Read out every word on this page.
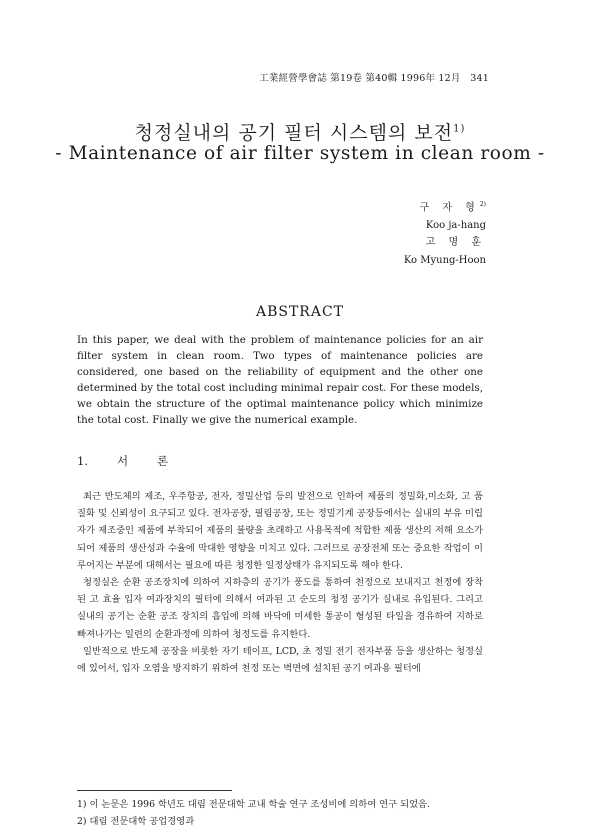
工業經營學會誌 第19卷 第40輯 1996年 12月 341
청정실내의 공기 필터 시스템의 보전$^{1)}$
- Maintenance of air filter system in clean room -
구 자 형$^{2)}$
Koo ja-hang
고 명 훈
Ko Myung-Hoon
ABSTRACT
In this paper, we deal with the problem of maintenance policies for an air filter system in clean room. Two types of maintenance policies are considered, one based on the reliability of equipment and the other one determined by the total cost including minimal repair cost. For these models, we obtain the structure of the optimal maintenance policy which minimize the total cost. Finally we give the numerical example.
1.	서	론

최근 반도체의 제조, 우주항공, 전자, 정밀산업 등의 발전으로 인하여 제품의 정밀화,미소화, 고 품질화 및 신뢰성이 요구되고 있다. 전자공장, 필림공장, 또는 정밀기계 공장등에서는 실내의 부유 미립자가 제조중인 제품에 부착되어 제품의 불량을 초래하고 사용목적에 적합한 제품 생산의 저해 요소가 되어 제품의 생산성과 수율에 막대한 영향을 미치고 있다. 그러므로 공장전체 또는 중요한 작업이 이루어지는 부분에 대해서는 필요에 따른 청정한 일정상태가 유지되도록 해야 한다.

청정실은 순환 공조장치에 의하여 지하층의 공기가 풍도를 통하여 천정으로 보내지고 천정에 장착된 고 효율 입자 여과장치의 필터에 의해서 여과된 고 순도의 청정 공기가 실내로 유입된다. 그리고 실내의 공기는 순환 공조 장치의 흡입에 의해 바닥에 미세한 통공이 형성된 타일을 경유하여 지하로 빠져나가는 일련의 순환과정에 의하여 청정도를 유지한다.

일반적으로 반도체 공장을 비롯한 자기 테이프, LCD, 초 정밀 전기 전자부품 등을 생산하는 청정실에 있어서, 입자 오염을 방지하기 위하여 천정 또는 벽면에 설치된 공기 여과용 필터에

1) 이 논문은 1996 학년도 대림 전문대학 교내 학술 연구 조성비에 의하여 연구 되었음.
2) 대림 전문대학 공업경영과
